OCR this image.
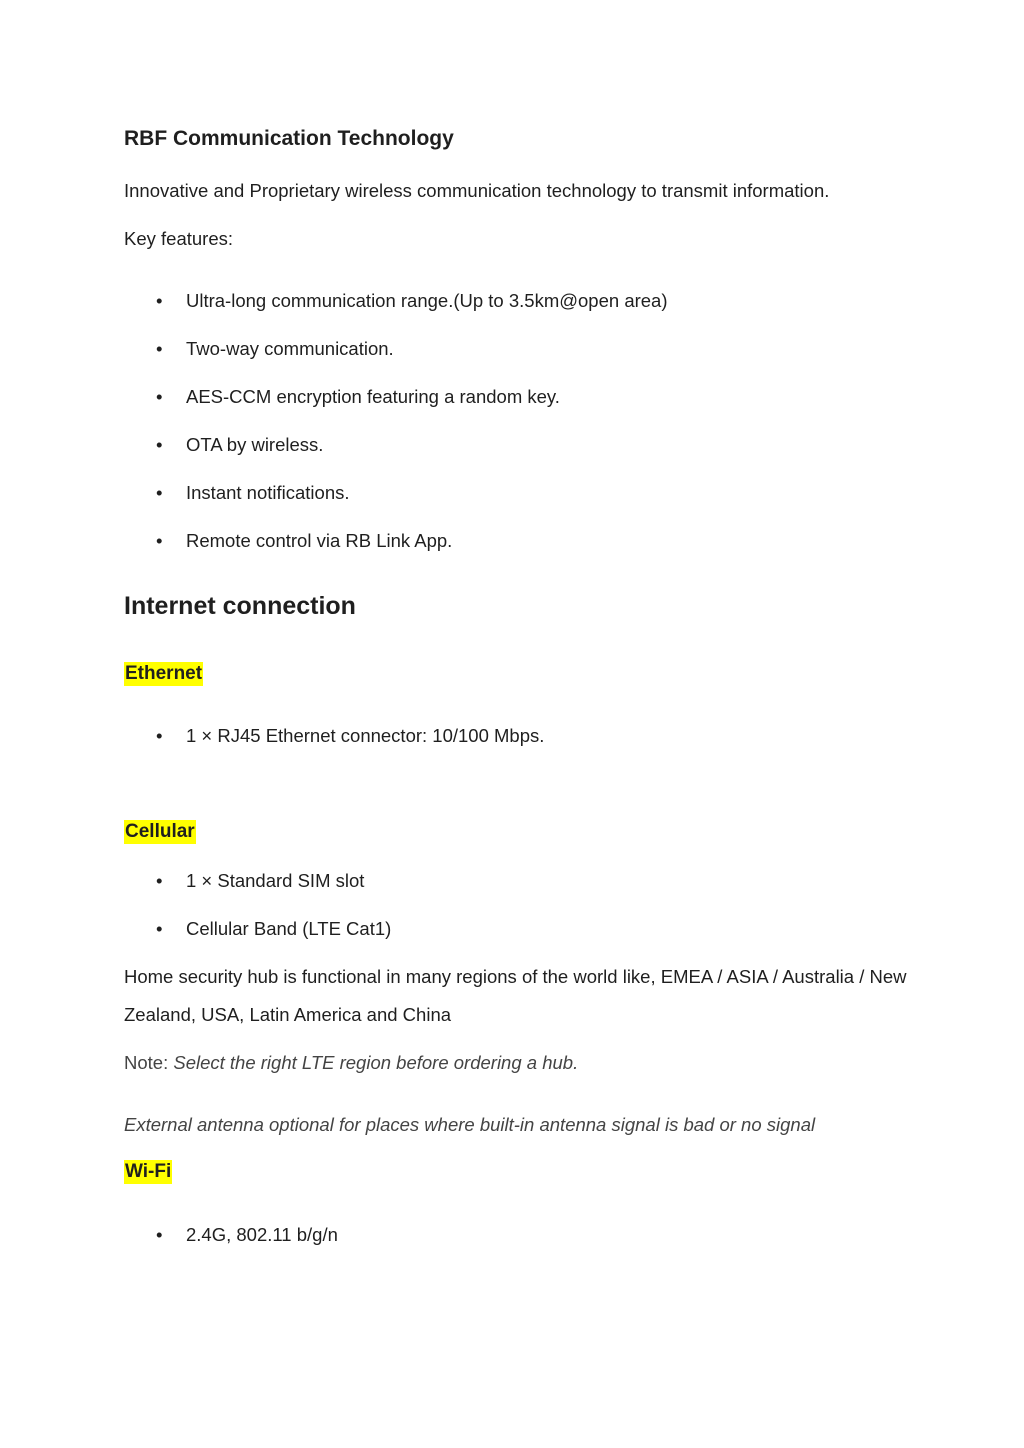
RBF Communication Technology

Innovative and Proprietary wireless communication technology to transmit information.

Key features:

• Ultra-long communication range.(Up to 3.5km@open area)
• Two-way communication.
• AES-CCM encryption featuring a random key.
• OTA by wireless.
• Instant notifications.
• Remote control via RB Link App.
Internet connection
Ethernet
• 1 × RJ45 Ethernet connector: 10/100 Mbps.
Cellular
• 1 × Standard SIM slot
• Cellular Band (LTE Cat1)

Home security hub is functional in many regions of the world like, EMEA / ASIA / Australia / New Zealand, USA, Latin America and China

Note: Select the right LTE region before ordering a hub.

External antenna optional for places where built-in antenna signal is bad or no signal

Wi-Fi
• 2.4G, 802.11 b/g/n
